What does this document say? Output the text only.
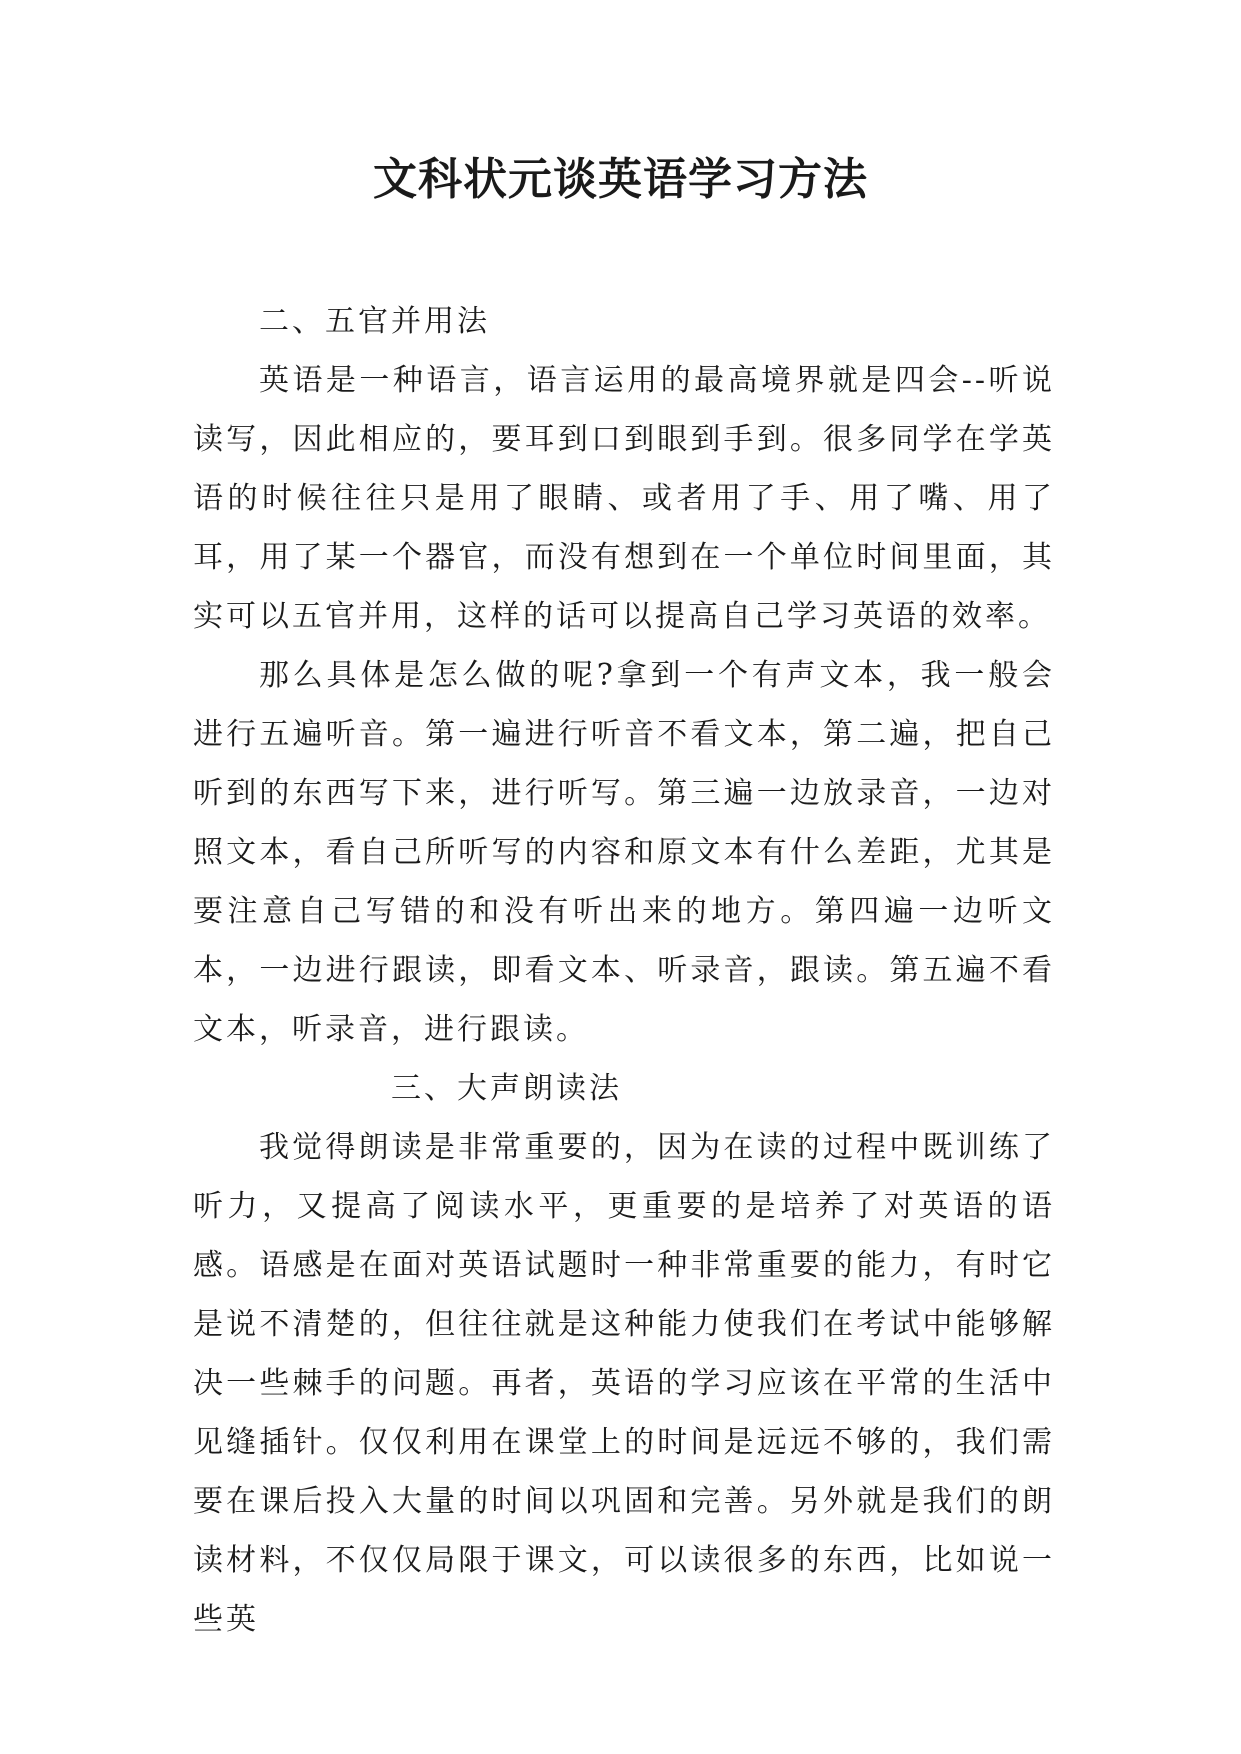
文科状元谈英语学习方法

二、五官并用法

英语是一种语言，语言运用的最高境界就是四会--听说读写，因此相应的，要耳到口到眼到手到。很多同学在学英语的时候往往只是用了眼睛、或者用了手、用了嘴、用了耳，用了某一个器官，而没有想到在一个单位时间里面，其实可以五官并用，这样的话可以提高自己学习英语的效率。

那么具体是怎么做的呢?拿到一个有声文本，我一般会进行五遍听音。第一遍进行听音不看文本，第二遍，把自己听到的东西写下来，进行听写。第三遍一边放录音，一边对照文本，看自己所听写的内容和原文本有什么差距，尤其是要注意自己写错的和没有听出来的地方。第四遍一边听文本，一边进行跟读，即看文本、听录音，跟读。第五遍不看文本，听录音，进行跟读。

三、大声朗读法

我觉得朗读是非常重要的，因为在读的过程中既训练了听力，又提高了阅读水平，更重要的是培养了对英语的语感。语感是在面对英语试题时一种非常重要的能力，有时它是说不清楚的，但往往就是这种能力使我们在考试中能够解决一些棘手的问题。再者，英语的学习应该在平常的生活中见缝插针。仅仅利用在课堂上的时间是远远不够的，我们需要在课后投入大量的时间以巩固和完善。另外就是我们的朗读材料，不仅仅局限于课文，可以读很多的东西，比如说一些英
